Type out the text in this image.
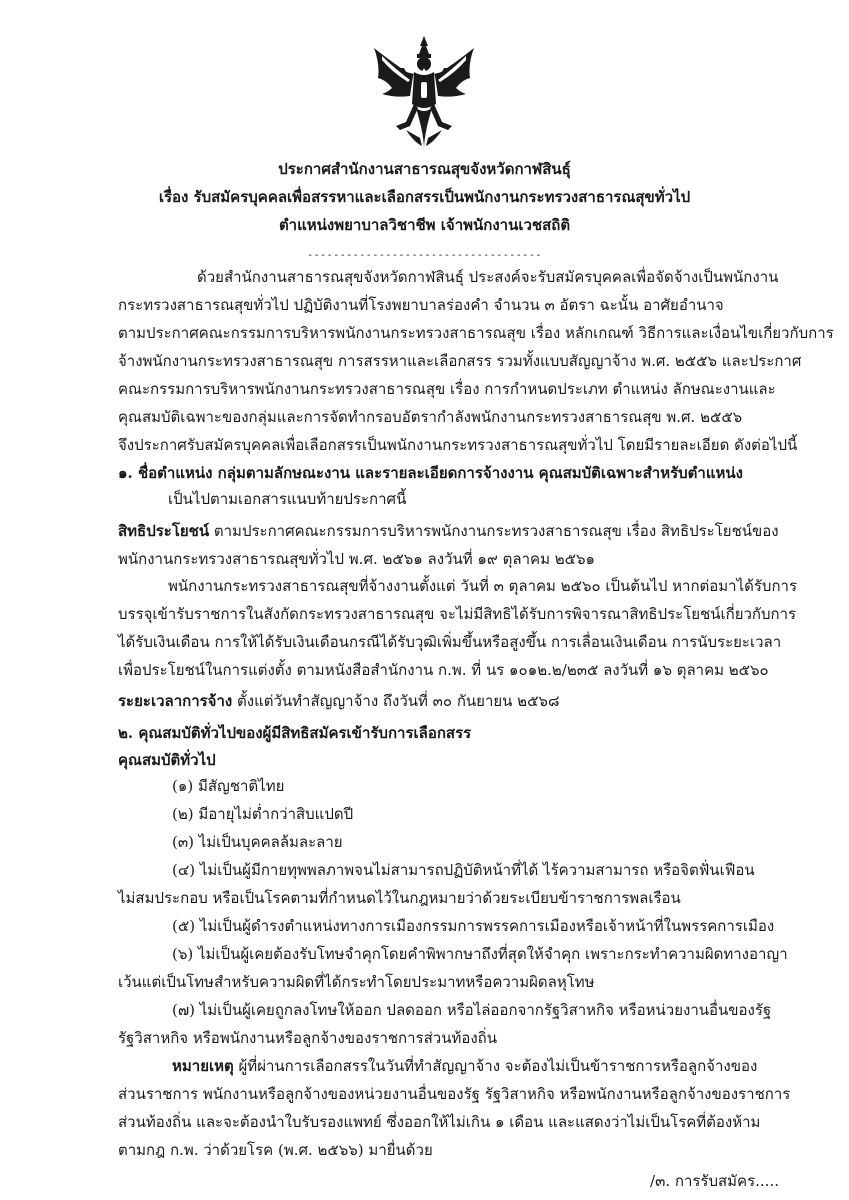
ประกาศสำนักงานสาธารณสุขจังหวัดกาฬสินธุ์
เรื่อง รับสมัครบุคคลเพื่อสรรหาและเลือกสรรเป็นพนักงานกระทรวงสาธารณสุขทั่วไป
ตำแหน่งพยาบาลวิชาชีพ เจ้าพนักงานเวชสถิติ
------------------------------------
ด้วยสำนักงานสาธารณสุขจังหวัดกาฬสินธุ์ ประสงค์จะรับสมัครบุคคลเพื่อจัดจ้างเป็นพนักงาน
กระทรวงสาธารณสุขทั่วไป ปฏิบัติงานที่โรงพยาบาลร่องคำ จำนวน ๓ อัตรา ฉะนั้น อาศัยอำนาจ
ตามประกาศคณะกรรมการบริหารพนักงานกระทรวงสาธารณสุข เรื่อง หลักเกณฑ์ วิธีการและเงื่อนไขเกี่ยวกับการ
จ้างพนักงานกระทรวงสาธารณสุข การสรรหาและเลือกสรร รวมทั้งแบบสัญญาจ้าง พ.ศ. ๒๕๕๖ และประกาศ
คณะกรรมการบริหารพนักงานกระทรวงสาธารณสุข เรื่อง การกำหนดประเภท ตำแหน่ง ลักษณะงานและ
คุณสมบัติเฉพาะของกลุ่มและการจัดทำกรอบอัตรากำลังพนักงานกระทรวงสาธารณสุข พ.ศ. ๒๕๕๖
จึงประกาศรับสมัครบุคคลเพื่อเลือกสรรเป็นพนักงานกระทรวงสาธารณสุขทั่วไป โดยมีรายละเอียด ดังต่อไปนี้
๑. ชื่อตำแหน่ง กลุ่มตามลักษณะงาน และรายละเอียดการจ้างงาน คุณสมบัติเฉพาะสำหรับตำแหน่ง
เป็นไปตามเอกสารแนบท้ายประกาศนี้
สิทธิประโยชน์ ตามประกาศคณะกรรมการบริหารพนักงานกระทรวงสาธารณสุข เรื่อง สิทธิประโยชน์ของ
พนักงานกระทรวงสาธารณสุขทั่วไป พ.ศ. ๒๕๖๑ ลงวันที่ ๑๙ ตุลาคม ๒๕๖๑
พนักงานกระทรวงสาธารณสุขที่จ้างงานตั้งแต่ วันที่ ๓ ตุลาคม ๒๕๖๐ เป็นต้นไป หากต่อมาได้รับการ
บรรจุเข้ารับราชการในสังกัดกระทรวงสาธารณสุข จะไม่มีสิทธิได้รับการพิจารณาสิทธิประโยชน์เกี่ยวกับการ
ได้รับเงินเดือน การให้ได้รับเงินเดือนกรณีได้รับวุฒิเพิ่มขึ้นหรือสูงขึ้น การเลื่อนเงินเดือน การนับระยะเวลา
เพื่อประโยชน์ในการแต่งตั้ง ตามหนังสือสำนักงาน ก.พ. ที่ นร ๑๐๑๒.๒/๒๓๕ ลงวันที่ ๑๖ ตุลาคม ๒๕๖๐
ระยะเวลาการจ้าง ตั้งแต่วันทำสัญญาจ้าง ถึงวันที่ ๓๐ กันยายน ๒๕๖๘
๒. คุณสมบัติทั่วไปของผู้มีสิทธิสมัครเข้ารับการเลือกสรร
คุณสมบัติทั่วไป
(๑) มีสัญชาติไทย
(๒) มีอายุไม่ต่ำกว่าสิบแปดปี
(๓) ไม่เป็นบุคคลล้มละลาย
(๔) ไม่เป็นผู้มีกายทุพพลภาพจนไม่สามารถปฏิบัติหน้าที่ได้ ไร้ความสามารถ หรือจิตฟั่นเฟือน
ไม่สมประกอบ หรือเป็นโรคตามที่กำหนดไว้ในกฎหมายว่าด้วยระเบียบข้าราชการพลเรือน
(๕) ไม่เป็นผู้ดำรงตำแหน่งทางการเมืองกรรมการพรรคการเมืองหรือเจ้าหน้าที่ในพรรคการเมือง
(๖) ไม่เป็นผู้เคยต้องรับโทษจำคุกโดยคำพิพากษาถึงที่สุดให้จำคุก เพราะกระทำความผิดทางอาญา
เว้นแต่เป็นโทษสำหรับความผิดที่ได้กระทำโดยประมาทหรือความผิดลหุโทษ
(๗) ไม่เป็นผู้เคยถูกลงโทษให้ออก ปลดออก หรือไล่ออกจากรัฐวิสาหกิจ หรือหน่วยงานอื่นของรัฐ
รัฐวิสาหกิจ หรือพนักงานหรือลูกจ้างของราชการส่วนท้องถิ่น
หมายเหตุ ผู้ที่ผ่านการเลือกสรรในวันที่ทำสัญญาจ้าง จะต้องไม่เป็นข้าราชการหรือลูกจ้างของ
ส่วนราชการ พนักงานหรือลูกจ้างของหน่วยงานอื่นของรัฐ รัฐวิสาหกิจ หรือพนักงานหรือลูกจ้างของราชการ
ส่วนท้องถิ่น และจะต้องนำใบรับรองแพทย์ ซึ่งออกให้ไม่เกิน ๑ เดือน และแสดงว่าไม่เป็นโรคที่ต้องห้าม
ตามกฎ ก.พ. ว่าด้วยโรค (พ.ศ. ๒๕๖๖) มายื่นด้วย
/๓. การรับสมัคร.....
